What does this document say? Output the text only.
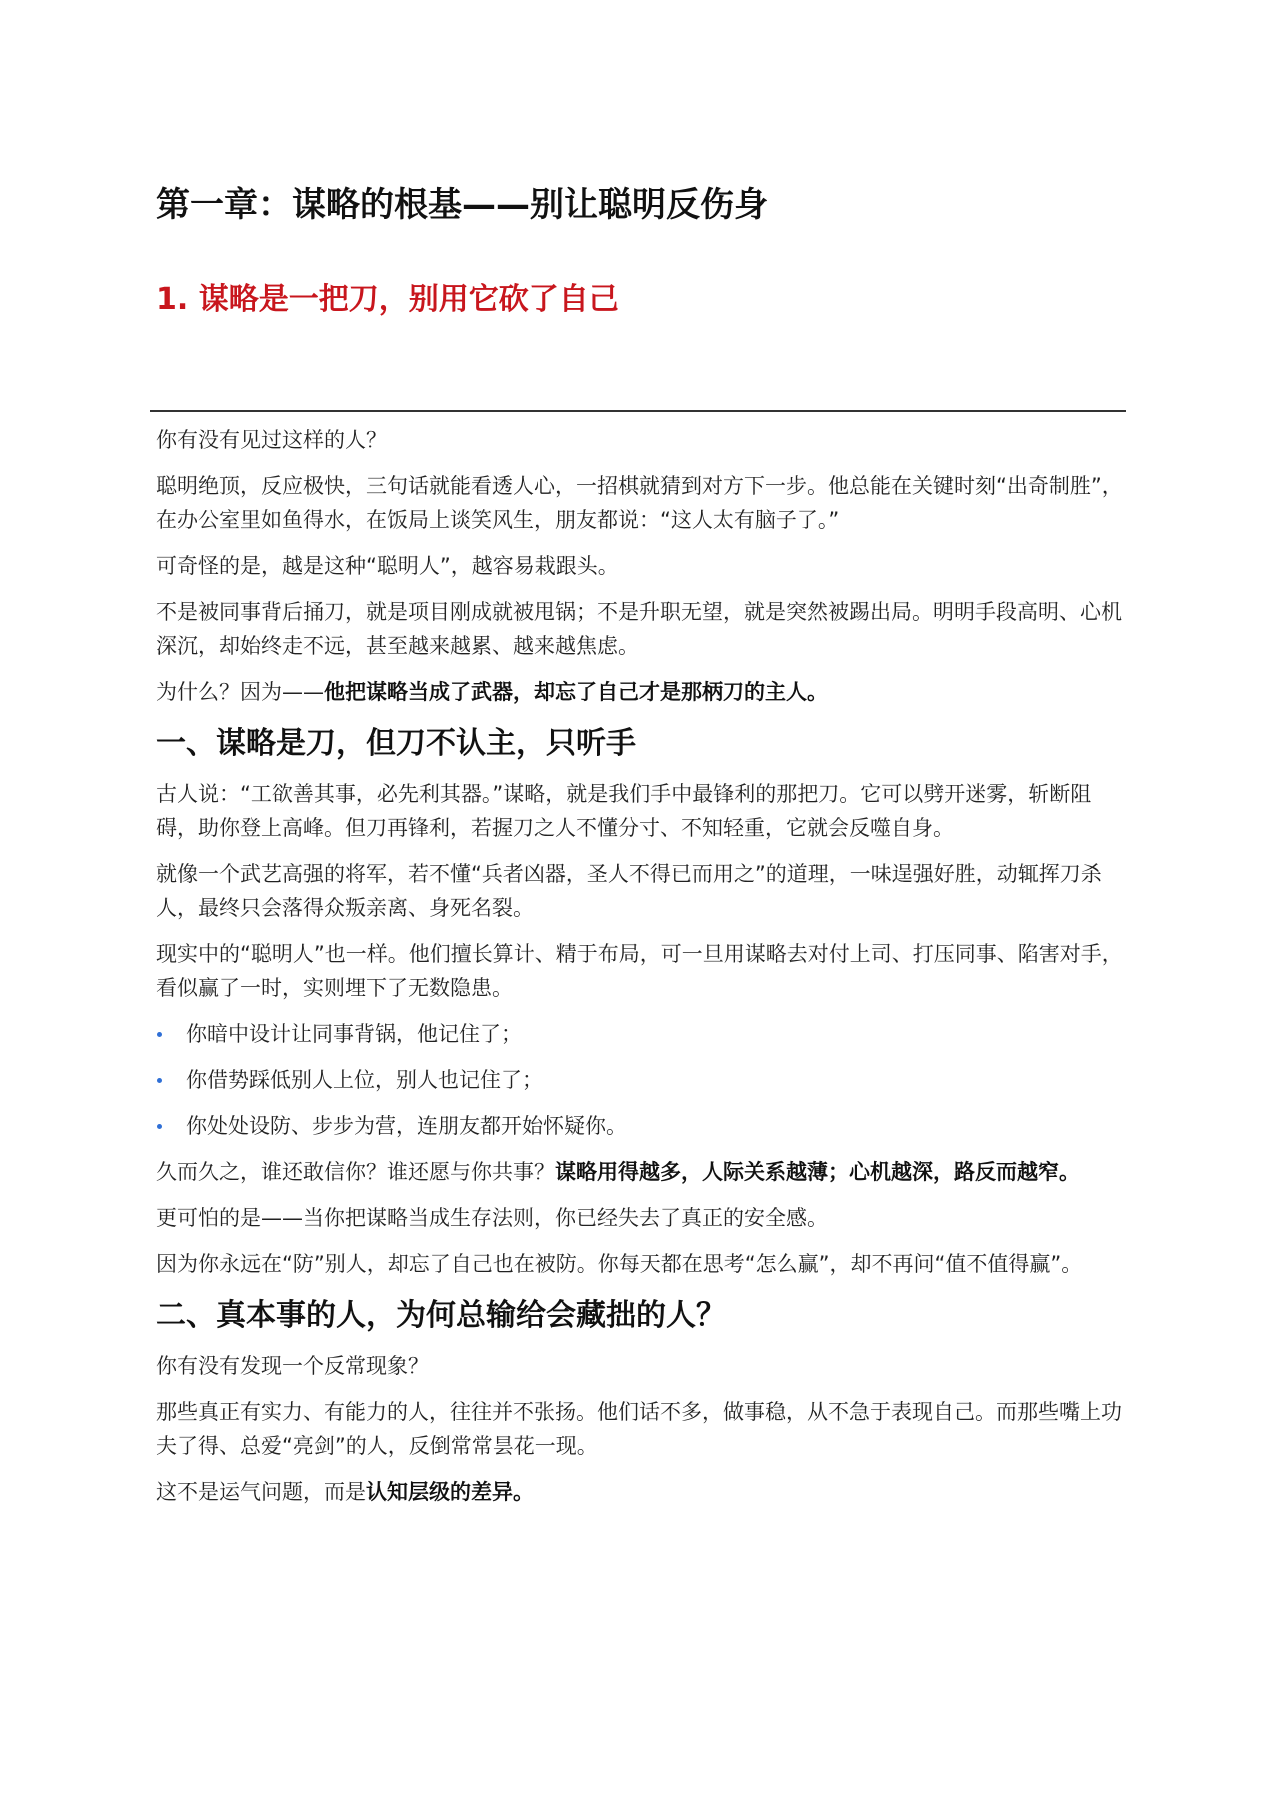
第一章：谋略的根基——别让聪明反伤身
1. 谋略是一把刀，别用它砍了自己

你有没有见过这样的人？

聪明绝顶，反应极快，三句话就能看透人心，一招棋就猜到对方下一步。他总能在关键时刻“出奇制胜”，在办公室里如鱼得水，在饭局上谈笑风生，朋友都说：“这人太有脑子了。”

可奇怪的是，越是这种“聪明人”，越容易栽跟头。

不是被同事背后捅刀，就是项目刚成就被甩锅；不是升职无望，就是突然被踢出局。明明手段高明、心机深沉，却始终走不远，甚至越来越累、越来越焦虑。

为什么？因为——他把谋略当成了武器，却忘了自己才是那柄刀的主人。

一、谋略是刀，但刀不认主，只听手

古人说：“工欲善其事，必先利其器。”谋略，就是我们手中最锋利的那把刀。它可以劈开迷雾，斩断阻碍，助你登上高峰。但刀再锋利，若握刀之人不懂分寸、不知轻重，它就会反噬自身。

就像一个武艺高强的将军，若不懂“兵者凶器，圣人不得已而用之”的道理，一味逞强好胜，动辄挥刀杀人，最终只会落得众叛亲离、身死名裂。

现实中的“聪明人”也一样。他们擅长算计、精于布局，可一旦用谋略去对付上司、打压同事、陷害对手，看似赢了一时，实则埋下了无数隐患。

你暗中设计让同事背锅，他记住了；
你借势踩低别人上位，别人也记住了；
你处处设防、步步为营，连朋友都开始怀疑你。

久而久之，谁还敢信你？谁还愿与你共事？谋略用得越多，人际关系越薄；心机越深，路反而越窄。

更可怕的是——当你把谋略当成生存法则，你已经失去了真正的安全感。

因为你永远在“防”别人，却忘了自己也在被防。你每天都在思考“怎么赢”，却不再问“值不值得赢”。

二、真本事的人，为何总输给会藏拙的人？

你有没有发现一个反常现象？

那些真正有实力、有能力的人，往往并不张扬。他们话不多，做事稳，从不急于表现自己。而那些嘴上功夫了得、总爱“亮剑”的人，反倒常常昙花一现。

这不是运气问题，而是认知层级的差异。
